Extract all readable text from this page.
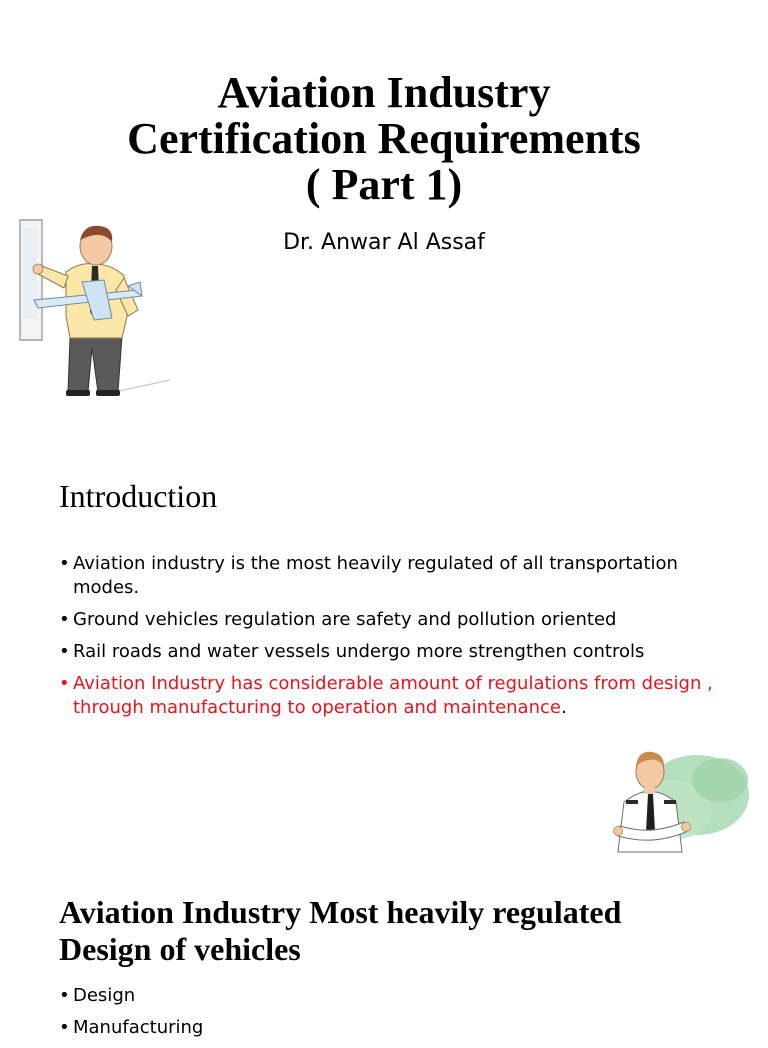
Aviation Industry
Certification Requirements
( Part 1)
Dr. Anwar Al Assaf
Introduction
• Aviation industry is the most heavily regulated of all transportation modes.
• Ground vehicles regulation are safety and pollution oriented
• Rail roads and water vessels undergo more strengthen controls
• Aviation Industry has considerable amount of regulations from design , through manufacturing to operation and maintenance.
Aviation Industry Most heavily regulated
Design of vehicles
• Design
• Manufacturing
